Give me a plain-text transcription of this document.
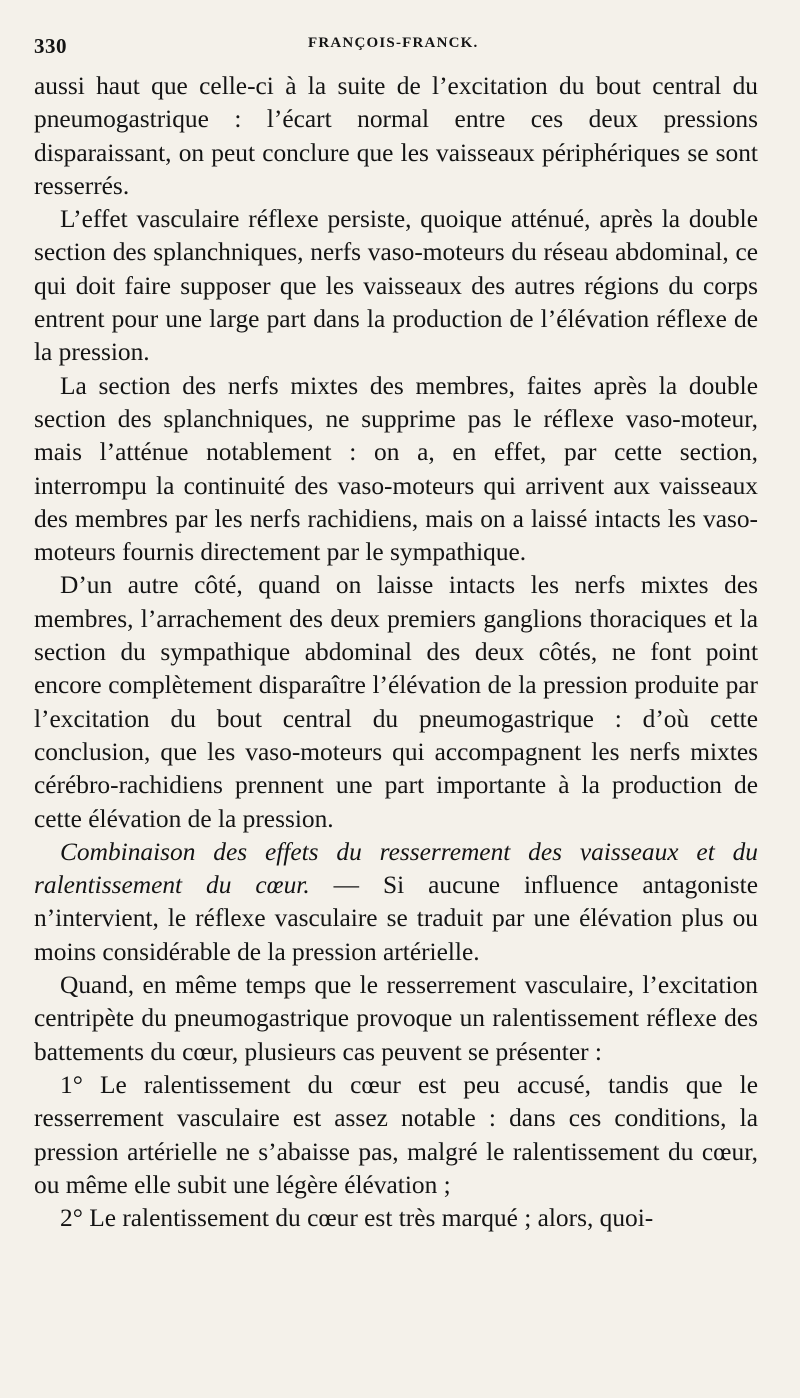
330	FRANÇOIS-FRANCK.

aussi haut que celle-ci à la suite de l’excitation du bout central du pneumogastrique : l’écart normal entre ces deux pressions disparaissant, on peut conclure que les vaisseaux périphériques se sont resserrés.

L’effet vasculaire réflexe persiste, quoique atténué, après la double section des splanchniques, nerfs vaso-moteurs du réseau abdominal, ce qui doit faire supposer que les vaisseaux des autres régions du corps entrent pour une large part dans la production de l’élévation réflexe de la pression.

La section des nerfs mixtes des membres, faites après la double section des splanchniques, ne supprime pas le réflexe vaso-moteur, mais l’atténue notablement : on a, en effet, par cette section, interrompu la continuité des vaso-moteurs qui arrivent aux vaisseaux des membres par les nerfs rachidiens, mais on a laissé intacts les vaso-moteurs fournis directement par le sympathique.

D’un autre côté, quand on laisse intacts les nerfs mixtes des membres, l’arrachement des deux premiers ganglions thoraciques et la section du sympathique abdominal des deux côtés, ne font point encore complètement disparaître l’élévation de la pression produite par l’excitation du bout central du pneumogastrique : d’où cette conclusion, que les vaso-moteurs qui accompagnent les nerfs mixtes cérébro-rachidiens prennent une part importante à la production de cette élévation de la pression.

Combinaison des effets du resserrement des vaisseaux et du ralentissement du cœur. — Si aucune influence antagoniste n’intervient, le réflexe vasculaire se traduit par une élévation plus ou moins considérable de la pression artérielle.

Quand, en même temps que le resserrement vasculaire, l’excitation centripète du pneumogastrique provoque un ralentissement réflexe des battements du cœur, plusieurs cas peuvent se présenter :

1° Le ralentissement du cœur est peu accusé, tandis que le resserrement vasculaire est assez notable : dans ces conditions, la pression artérielle ne s’abaisse pas, malgré le ralentissement du cœur, ou même elle subit une légère élévation ;

2° Le ralentissement du cœur est très marqué ; alors, quoi-
